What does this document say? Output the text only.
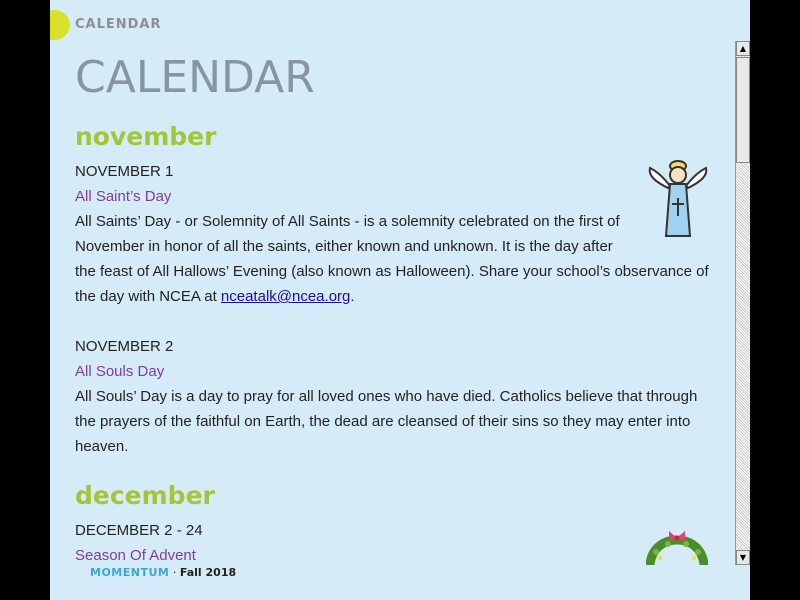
CALENDAR
CALENDAR
november
NOVEMBER 1
All Saint’s Day
All Saints’ Day - or Solemnity of All Saints - is a solemnity celebrated on the first of
November in honor of all the saints, either known and unknown. It is the day after
the feast of All Hallows’ Evening (also known as Halloween). Share your school’s observance of
the day with NCEA at nceatalk@ncea.org.
NOVEMBER 2
All Souls Day
All Souls’ Day is a day to pray for all loved ones who have died. Catholics believe that through
the prayers of the faithful on Earth, the dead are cleansed of their sins so they may enter into
heaven.
december
DECEMBER 2 - 24
Season Of Advent
▲
▼
MOMENTUM · Fall 2018
